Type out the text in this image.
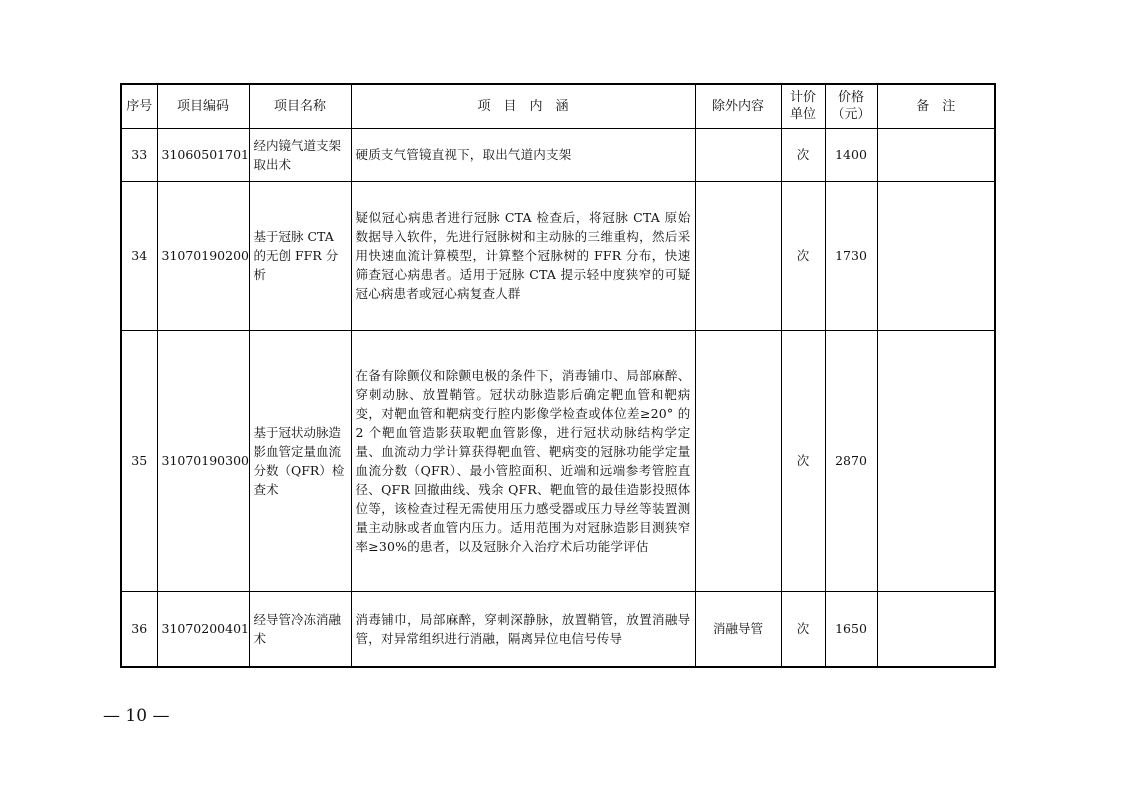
序号	项目编码	项目名称	项　目　内　涵	除外内容	计价单位	价格（元）	备　注
33	31060501701	经内镜气道支架取出术	硬质支气管镜直视下，取出气道内支架		次	1400	
34	31070190200	基于冠脉 CTA 的无创 FFR 分析	疑似冠心病患者进行冠脉 CTA 检查后，将冠脉 CTA 原始数据导入软件，先进行冠脉树和主动脉的三维重构，然后采用快速血流计算模型，计算整个冠脉树的 FFR 分布，快速筛查冠心病患者。适用于冠脉 CTA 提示轻中度狭窄的可疑冠心病患者或冠心病复查人群		次	1730	
35	31070190300	基于冠状动脉造影血管定量血流分数（QFR）检查术	在备有除颤仪和除颤电极的条件下，消毒铺巾、局部麻醉、穿刺动脉、放置鞘管。冠状动脉造影后确定靶血管和靶病变，对靶血管和靶病变行腔内影像学检查或体位差≥20° 的 2 个靶血管造影获取靶血管影像，进行冠状动脉结构学定量、血流动力学计算获得靶血管、靶病变的冠脉功能学定量血流分数（QFR）、最小管腔面积、近端和远端参考管腔直径、QFR 回撤曲线、残余 QFR、靶血管的最佳造影投照体位等，该检查过程无需使用压力感受器或压力导丝等装置测量主动脉或者血管内压力。适用范围为对冠脉造影目测狭窄率≥30%的患者，以及冠脉介入治疗术后功能学评估		次	2870	
36	31070200401	经导管冷冻消融术	消毒铺巾，局部麻醉，穿刺深静脉，放置鞘管，放置消融导管，对异常组织进行消融，隔离异位电信号传导	消融导管	次	1650	
— 10 —
